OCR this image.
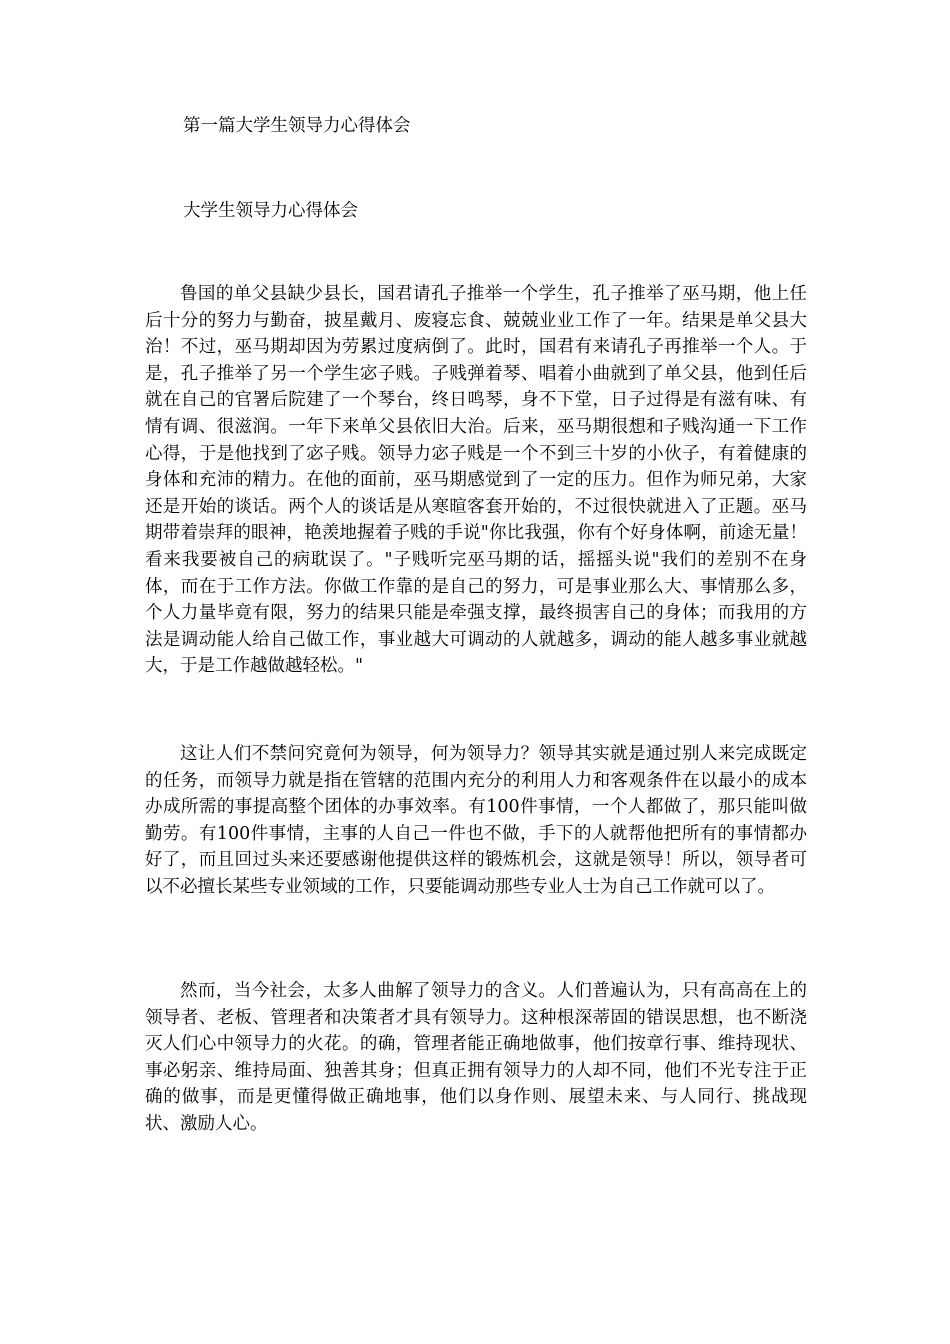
第一篇大学生领导力心得体会
大学生领导力心得体会

鲁国的单父县缺少县长，国君请孔子推举一个学生，孔子推举了巫马期，他上任后十分的努力与勤奋，披星戴月、废寝忘食、兢兢业业工作了一年。结果是单父县大治！不过，巫马期却因为劳累过度病倒了。此时，国君有来请孔子再推举一个人。于是，孔子推举了另一个学生宓子贱。子贱弹着琴、唱着小曲就到了单父县，他到任后就在自己的官署后院建了一个琴台，终日鸣琴，身不下堂，日子过得是有滋有味、有情有调、很滋润。一年下来单父县依旧大治。后来，巫马期很想和子贱沟通一下工作心得，于是他找到了宓子贱。领导力宓子贱是一个不到三十岁的小伙子，有着健康的身体和充沛的精力。在他的面前，巫马期感觉到了一定的压力。但作为师兄弟，大家还是开始的谈话。两个人的谈话是从寒暄客套开始的，不过很快就进入了正题。巫马期带着崇拜的眼神，艳羡地握着子贱的手说"你比我强，你有个好身体啊，前途无量！看来我要被自己的病耽误了。"子贱听完巫马期的话，摇摇头说"我们的差别不在身体，而在于工作方法。你做工作靠的是自己的努力，可是事业那么大、事情那么多，个人力量毕竟有限，努力的结果只能是牵强支撑，最终损害自己的身体；而我用的方法是调动能人给自己做工作，事业越大可调动的人就越多，调动的能人越多事业就越大，于是工作越做越轻松。"

这让人们不禁问究竟何为领导，何为领导力？领导其实就是通过别人来完成既定的任务，而领导力就是指在管辖的范围内充分的利用人力和客观条件在以最小的成本办成所需的事提高整个团体的办事效率。有100件事情，一个人都做了，那只能叫做勤劳。有100件事情，主事的人自己一件也不做，手下的人就帮他把所有的事情都办好了，而且回过头来还要感谢他提供这样的锻炼机会，这就是领导！所以，领导者可以不必擅长某些专业领域的工作，只要能调动那些专业人士为自己工作就可以了。

然而，当今社会，太多人曲解了领导力的含义。人们普遍认为，只有高高在上的领导者、老板、管理者和决策者才具有领导力。这种根深蒂固的错误思想，也不断浇灭人们心中领导力的火花。的确，管理者能正确地做事，他们按章行事、维持现状、事必躬亲、维持局面、独善其身；但真正拥有领导力的人却不同，他们不光专注于正确的做事，而是更懂得做正确地事，他们以身作则、展望未来、与人同行、挑战现状、激励人心。
